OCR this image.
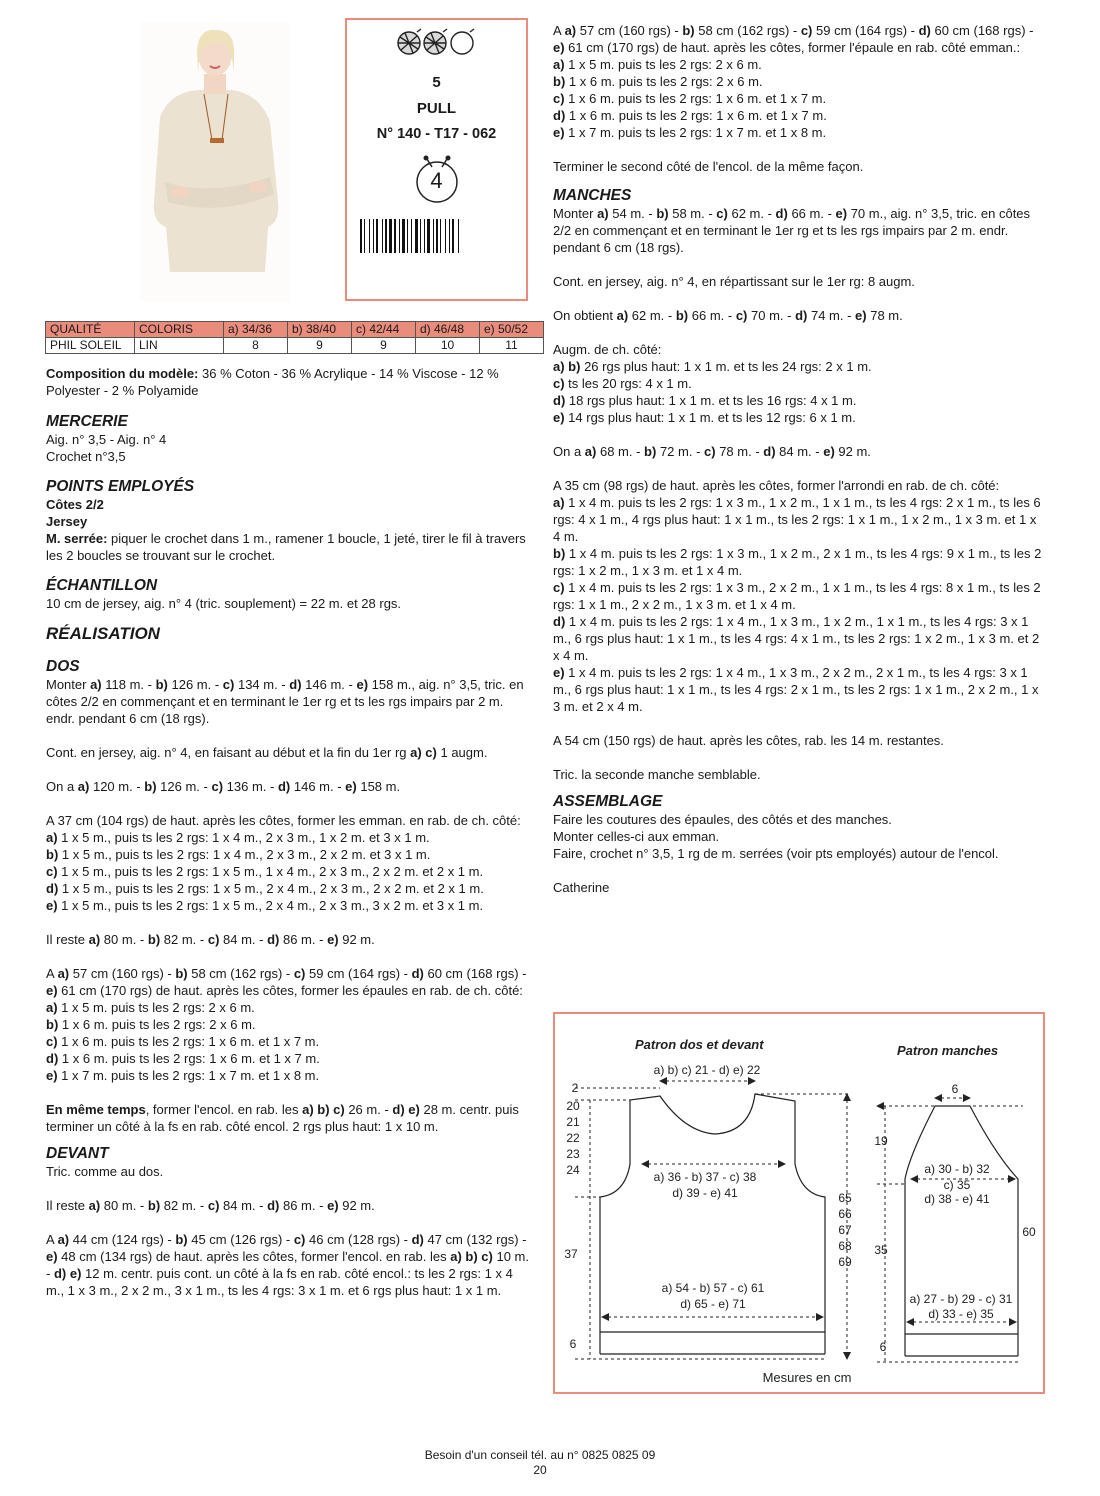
5
PULL
N° 140 - T17 - 062
4
QUALITÉ	COLORIS	a) 34/36	b) 38/40	c) 42/44	d) 46/48	e) 50/52
PHIL SOLEIL	LIN	8	9	9	10	11

Composition du modèle: 36 % Coton - 36 % Acrylique - 14 % Viscose - 12 % Polyester - 2 % Polyamide

MERCERIE

Aig. n° 3,5 - Aig. n° 4

Crochet n°3,5

POINTS EMPLOYÉS

Côtes 2/2

Jersey

M. serrée: piquer le crochet dans 1 m., ramener 1 boucle, 1 jeté, tirer le fil à travers les 2 boucles se trouvant sur le crochet.

ÉCHANTILLON

10 cm de jersey, aig. n° 4 (tric. souplement) = 22 m. et 28 rgs.

RÉALISATION
DOS

Monter a) 118 m. - b) 126 m. - c) 134 m. - d) 146 m. - e) 158 m., aig. n° 3,5, tric. en côtes 2/2 en commençant et en terminant le 1er rg et ts les rgs impairs par 2 m. endr. pendant 6 cm (18 rgs).

Cont. en jersey, aig. n° 4, en faisant au début et la fin du 1er rg a) c) 1 augm.

On a a) 120 m. - b) 126 m. - c) 136 m. - d) 146 m. - e) 158 m.

A 37 cm (104 rgs) de haut. après les côtes, former les emman. en rab. de ch. côté:

a) 1 x 5 m., puis ts les 2 rgs: 1 x 4 m., 2 x 3 m., 1 x 2 m. et 3 x 1 m.

b) 1 x 5 m., puis ts les 2 rgs: 1 x 4 m., 2 x 3 m., 2 x 2 m. et 3 x 1 m.

c) 1 x 5 m., puis ts les 2 rgs: 1 x 5 m., 1 x 4 m., 2 x 3 m., 2 x 2 m. et 2 x 1 m.

d) 1 x 5 m., puis ts les 2 rgs: 1 x 5 m., 2 x 4 m., 2 x 3 m., 2 x 2 m. et 2 x 1 m.

e) 1 x 5 m., puis ts les 2 rgs: 1 x 5 m., 2 x 4 m., 2 x 3 m., 3 x 2 m. et 3 x 1 m.

Il reste a) 80 m. - b) 82 m. - c) 84 m. - d) 86 m. - e) 92 m.

A a) 57 cm (160 rgs) - b) 58 cm (162 rgs) - c) 59 cm (164 rgs) - d) 60 cm (168 rgs) - e) 61 cm (170 rgs) de haut. après les côtes, former les épaules en rab. de ch. côté:

a) 1 x 5 m. puis ts les 2 rgs: 2 x 6 m.

b) 1 x 6 m. puis ts les 2 rgs: 2 x 6 m.

c) 1 x 6 m. puis ts les 2 rgs: 1 x 6 m. et 1 x 7 m.

d) 1 x 6 m. puis ts les 2 rgs: 1 x 6 m. et 1 x 7 m.

e) 1 x 7 m. puis ts les 2 rgs: 1 x 7 m. et 1 x 8 m.

En même temps, former l'encol. en rab. les a) b) c) 26 m. - d) e) 28 m. centr. puis terminer un côté à la fs en rab. côté encol. 2 rgs plus haut: 1 x 10 m.

DEVANT

Tric. comme au dos.

Il reste a) 80 m. - b) 82 m. - c) 84 m. - d) 86 m. - e) 92 m.

A a) 44 cm (124 rgs) - b) 45 cm (126 rgs) - c) 46 cm (128 rgs) - d) 47 cm (132 rgs) - e) 48 cm (134 rgs) de haut. après les côtes, former l'encol. en rab. les a) b) c) 10 m. - d) e) 12 m. centr. puis cont. un côté à la fs en rab. côté encol.: ts les 2 rgs: 1 x 4 m., 1 x 3 m., 2 x 2 m., 3 x 1 m., ts les 4 rgs: 3 x 1 m. et 6 rgs plus haut: 1 x 1 m.

A a) 57 cm (160 rgs) - b) 58 cm (162 rgs) - c) 59 cm (164 rgs) - d) 60 cm (168 rgs) - e) 61 cm (170 rgs) de haut. après les côtes, former l'épaule en rab. côté emman.:

a) 1 x 5 m. puis ts les 2 rgs: 2 x 6 m.

b) 1 x 6 m. puis ts les 2 rgs: 2 x 6 m.

c) 1 x 6 m. puis ts les 2 rgs: 1 x 6 m. et 1 x 7 m.

d) 1 x 6 m. puis ts les 2 rgs: 1 x 6 m. et 1 x 7 m.

e) 1 x 7 m. puis ts les 2 rgs: 1 x 7 m. et 1 x 8 m.

Terminer le second côté de l'encol. de la même façon.

MANCHES

Monter a) 54 m. - b) 58 m. - c) 62 m. - d) 66 m. - e) 70 m., aig. n° 3,5, tric. en côtes 2/2 en commençant et en terminant le 1er rg et ts les rgs impairs par 2 m. endr. pendant 6 cm (18 rgs).

Cont. en jersey, aig. n° 4, en répartissant sur le 1er rg: 8 augm.

On obtient a) 62 m. - b) 66 m. - c) 70 m. - d) 74 m. - e) 78 m.

Augm. de ch. côté:

a) b) 26 rgs plus haut: 1 x 1 m. et ts les 24 rgs: 2 x 1 m.

c) ts les 20 rgs: 4 x 1 m.

d) 18 rgs plus haut: 1 x 1 m. et ts les 16 rgs: 4 x 1 m.

e) 14 rgs plus haut: 1 x 1 m. et ts les 12 rgs: 6 x 1 m.

On a a) 68 m. - b) 72 m. - c) 78 m. - d) 84 m. - e) 92 m.

A 35 cm (98 rgs) de haut. après les côtes, former l'arrondi en rab. de ch. côté:

a) 1 x 4 m. puis ts les 2 rgs: 1 x 3 m., 1 x 2 m., 1 x 1 m., ts les 4 rgs: 2 x 1 m., ts les 6 rgs: 4 x 1 m., 4 rgs plus haut: 1 x 1 m., ts les 2 rgs: 1 x 1 m., 1 x 2 m., 1 x 3 m. et 1 x 4 m.

b) 1 x 4 m. puis ts les 2 rgs: 1 x 3 m., 1 x 2 m., 2 x 1 m., ts les 4 rgs: 9 x 1 m., ts les 2 rgs: 1 x 2 m., 1 x 3 m. et 1 x 4 m.

c) 1 x 4 m. puis ts les 2 rgs: 1 x 3 m., 2 x 2 m., 1 x 1 m., ts les 4 rgs: 8 x 1 m., ts les 2 rgs: 1 x 1 m., 2 x 2 m., 1 x 3 m. et 1 x 4 m.

d) 1 x 4 m. puis ts les 2 rgs: 1 x 4 m., 1 x 3 m., 1 x 2 m., 1 x 1 m., ts les 4 rgs: 3 x 1 m., 6 rgs plus haut: 1 x 1 m., ts les 4 rgs: 4 x 1 m., ts les 2 rgs: 1 x 2 m., 1 x 3 m. et 2 x 4 m.

e) 1 x 4 m. puis ts les 2 rgs: 1 x 4 m., 1 x 3 m., 2 x 2 m., 2 x 1 m., ts les 4 rgs: 3 x 1 m., 6 rgs plus haut: 1 x 1 m., ts les 4 rgs: 2 x 1 m., ts les 2 rgs: 1 x 1 m., 2 x 2 m., 1 x 3 m. et 2 x 4 m.

A 54 cm (150 rgs) de haut. après les côtes, rab. les 14 m. restantes.

Tric. la seconde manche semblable.

ASSEMBLAGE

Faire les coutures des épaules, des côtés et des manches.

Monter celles-ci aux emman.

Faire, crochet n° 3,5, 1 rg de m. serrées (voir pts employés) autour de l'encol.

Catherine

Patron dos et devant	Patron manches
a) b) c) 21 - d) e) 22
2
20
21
22
23
24	a) 36 - b) 37 - c) 38
d) 39 - e) 41	65
66
67
68
69
37
a) 54 - b) 57 - c) 61
d) 65 - e) 71
6
6
19
a) 30 - b) 32
c) 35
d) 38 - e) 41
60
35
a) 27 - b) 29 - c) 31
d) 33 - e) 35
6
Mesures en cm
Besoin d'un conseil tél. au n° 0825 0825 09
20
